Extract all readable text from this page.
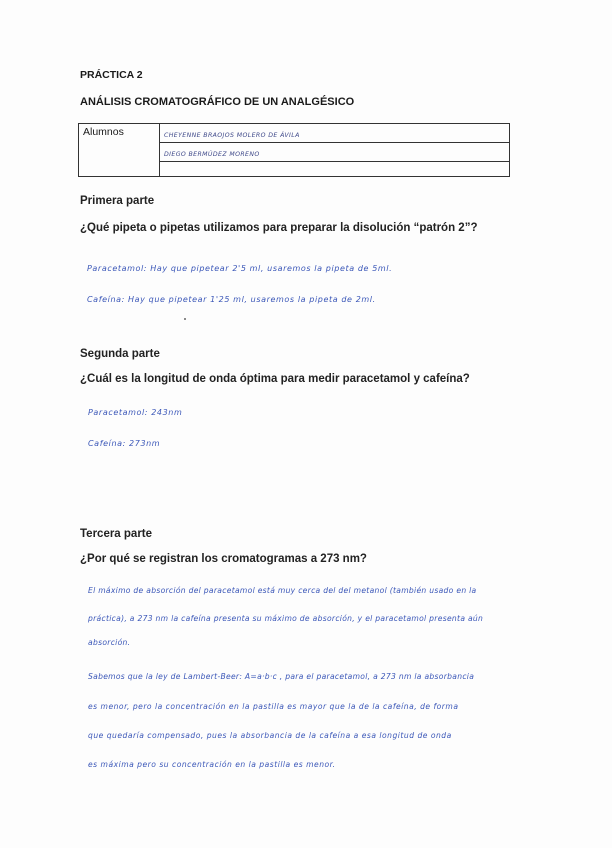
PRÁCTICA 2
ANÁLISIS CROMATOGRÁFICO DE UN ANALGÉSICO
Alumnos	CHEYENNE BRAOJOS MOLERO DE ÁVILA
DIEGO BERMÚDEZ MORENO

Primera parte
¿Qué pipeta o pipetas utilizamos para preparar la disolución “patrón 2”?
Paracetamol: Hay que pipetear 2'5 ml, usaremos la pipeta de 5ml.
Cafeína: Hay que pipetear 1'25 ml, usaremos la pipeta de 2ml.
Segunda parte
¿Cuál es la longitud de onda óptima para medir paracetamol y cafeína?
Paracetamol: 243nm
Cafeína: 273nm
Tercera parte
¿Por qué se registran los cromatogramas a 273 nm?
El máximo de absorción del paracetamol está muy cerca del del metanol (también usado en la
práctica), a 273 nm la cafeína presenta su máximo de absorción, y el paracetamol presenta aún
absorción.
Sabemos que la ley de Lambert-Beer: A=a·b·c , para el paracetamol, a 273 nm la absorbancia
es menor, pero la concentración en la pastilla es mayor que la de la cafeína, de forma
que quedaría compensado, pues la absorbancia de la cafeína a esa longitud de onda
es máxima pero su concentración en la pastilla es menor.
